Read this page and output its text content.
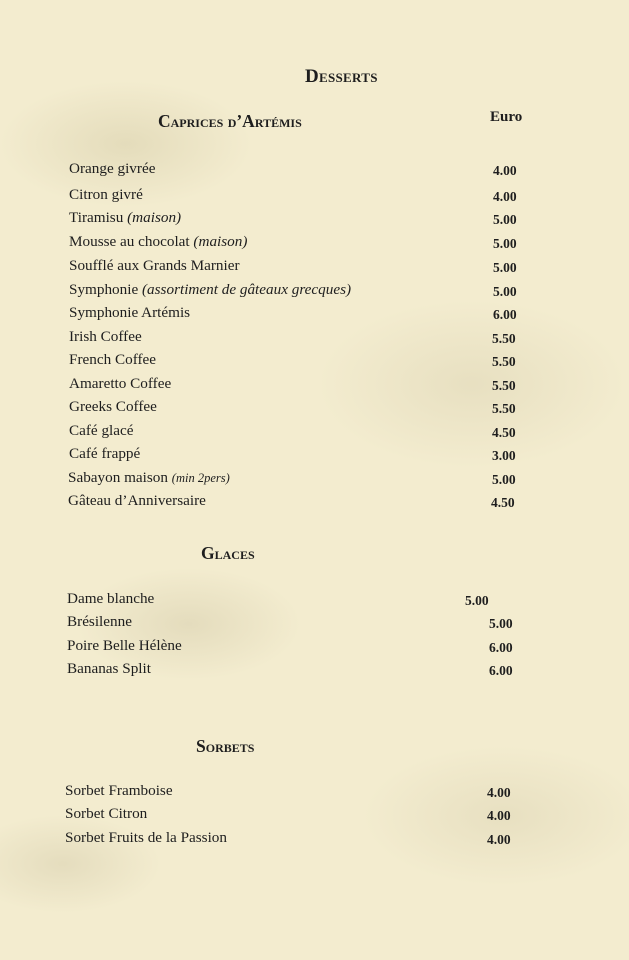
Desserts
Euro
Caprices d’Artémis
Orange givrée	4.00
Citron givré	4.00
Tiramisu (maison)	5.00
Mousse au chocolat (maison)	5.00
Soufflé aux Grands Marnier	5.00
Symphonie (assortiment de gâteaux grecques)	5.00
Symphonie Artémis	6.00
Irish Coffee	5.50
French Coffee	5.50
Amaretto Coffee	5.50
Greeks Coffee	5.50
Café glacé	4.50
Café frappé	3.00
Sabayon maison (min 2pers)	5.00
Gâteau d’Anniversaire	4.50
Glaces
Dame blanche	5.00
Brésilenne	5.00
Poire Belle Hélène	6.00
Bananas Split	6.00
Sorbets
Sorbet Framboise	4.00
Sorbet Citron	4.00
Sorbet Fruits de la Passion	4.00
